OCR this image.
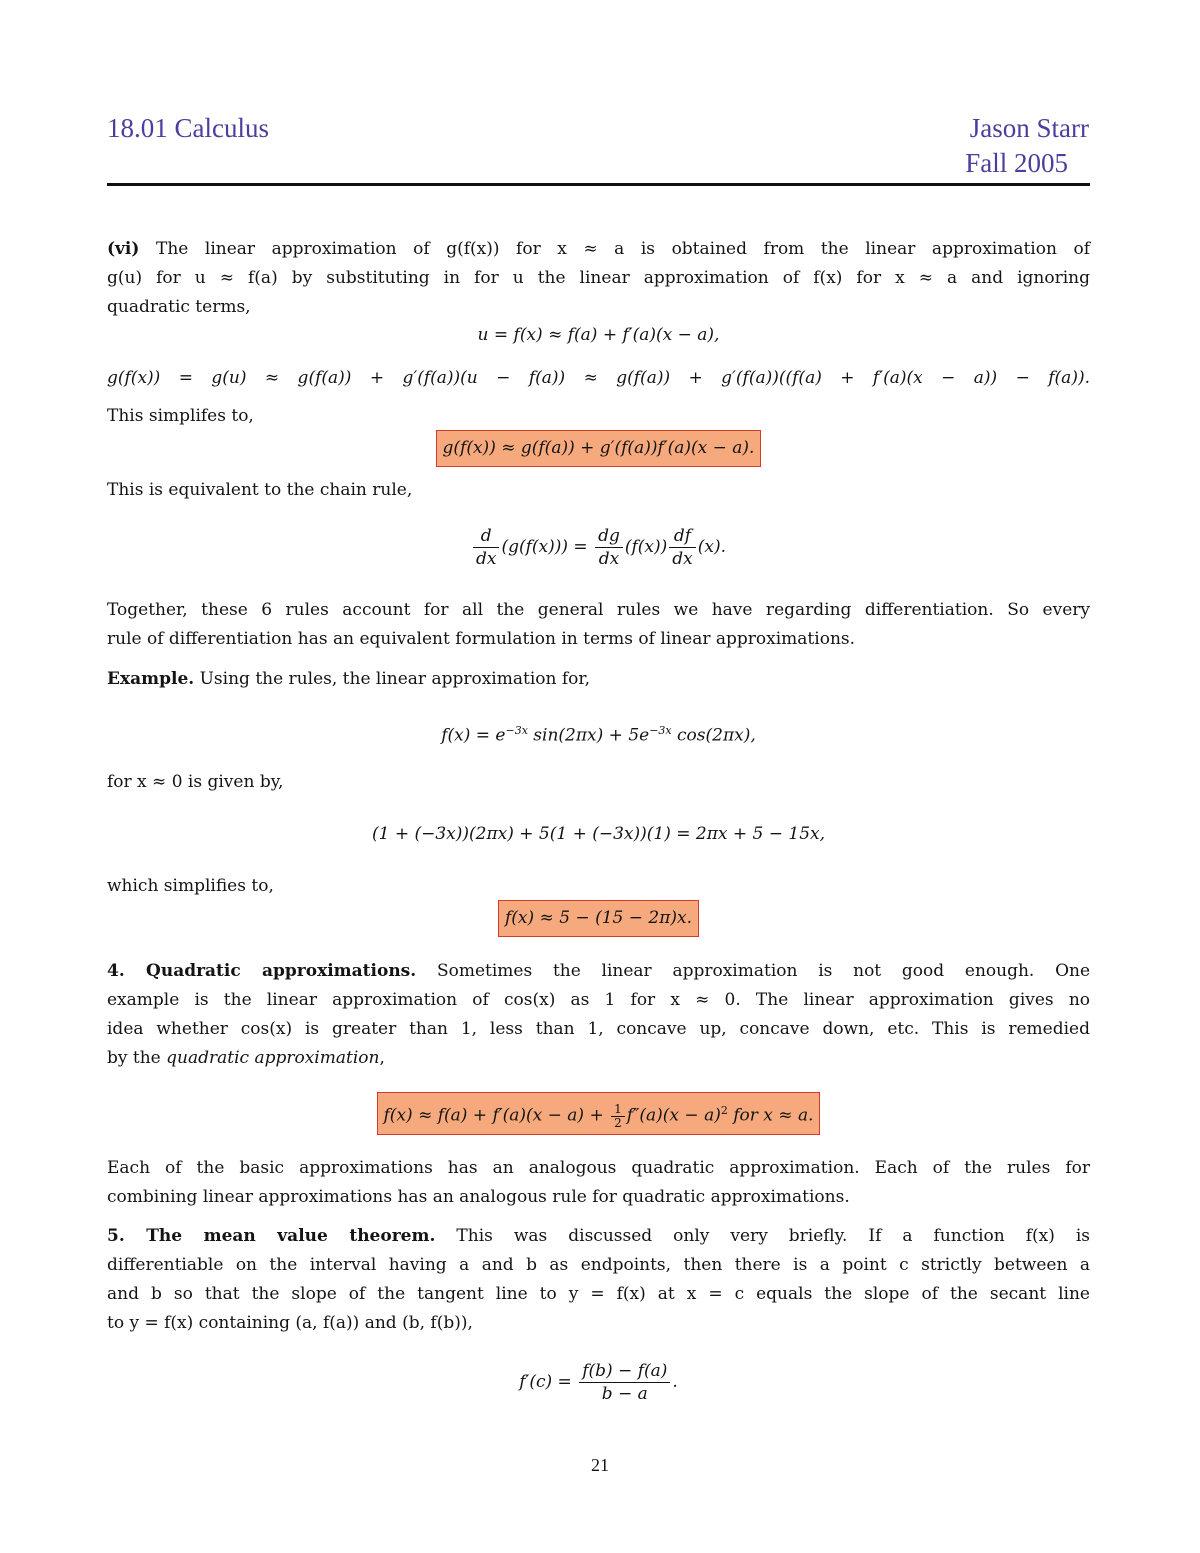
18.01 Calculus	Jason Starr
Fall 2005
(vi) The linear approximation of g(f(x)) for x ≈ a is obtained from the linear approximation of
g(u) for u ≈ f(a) by substituting in for u the linear approximation of f(x) for x ≈ a and ignoring
quadratic terms,
u = f(x) ≈ f(a) + f′(a)(x − a),
g(f(x)) = g(u) ≈ g(f(a)) + g′(f(a))(u − f(a)) ≈ g(f(a)) + g′(f(a))((f(a) + f′(a)(x − a)) − f(a)).
This simplifes to,
g(f(x)) ≈ g(f(a)) + g′(f(a))f′(a)(x − a).
This is equivalent to the chain rule,
$\frac{d}{dx} (g(f(x))) = \frac{dg}{dx} (f(x)) \frac{df}{dx} (x)$.
Together, these 6 rules account for all the general rules we have regarding differentiation. So every
rule of differentiation has an equivalent formulation in terms of linear approximations.
Example. Using the rules, the linear approximation for,
$f(x) = e^{-3x}$ $\sin(2\pi x) + 5e^{-3x}$ cos(2πx),
for x ≈ 0 is given by,
(1 + (−3x))(2πx) + 5(1 + (−3x))(1) = 2πx + 5 − 15x,
which simplifies to,
f(x) ≈ 5 − (15 − 2π)x.
4. Quadratic approximations. Sometimes the linear approximation is not good enough. One
example is the linear approximation of cos(x) as 1 for x ≈ 0. The linear approximation gives no
idea whether cos(x) is greater than 1, less than 1, concave up, concave down, etc. This is remedied
by the quadratic approximation,
$f(x) \approx f(a) + f'(a)(x - a) + \frac{1}{2} f''(a)(x - a)^2$ for x ≈ a.
Each of the basic approximations has an analogous quadratic approximation. Each of the rules for
combining linear approximations has an analogous rule for quadratic approximations.
5. The mean value theorem. This was discussed only very briefly. If a function f(x) is
differentiable on the interval having a and b as endpoints, then there is a point c strictly between a
and b so that the slope of the tangent line to y = f(x) at x = c equals the slope of the secant line
to y = f(x) containing (a, f(a)) and (b, f(b)),
$f'(c) = \frac{f(b) - f(a)}{b - a}$ .
21
